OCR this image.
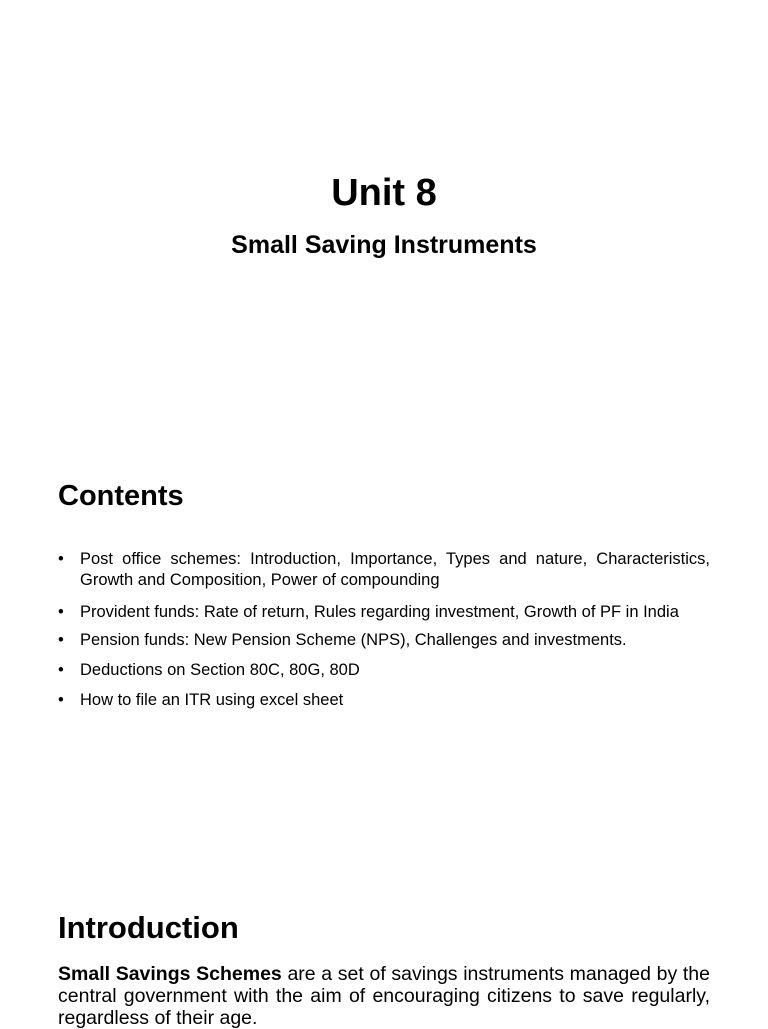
Unit 8
Small Saving Instruments
Contents
• Post office schemes: Introduction, Importance, Types and nature, Characteristics, Growth and Composition, Power of compounding
• Provident funds: Rate of return, Rules regarding investment, Growth of PF in India
• Pension funds: New Pension Scheme (NPS), Challenges and investments.
• Deductions on Section 80C, 80G, 80D
• How to file an ITR using excel sheet
Introduction

Small Savings Schemes are a set of savings instruments managed by the central government with the aim of encouraging citizens to save regularly, regardless of their age.
